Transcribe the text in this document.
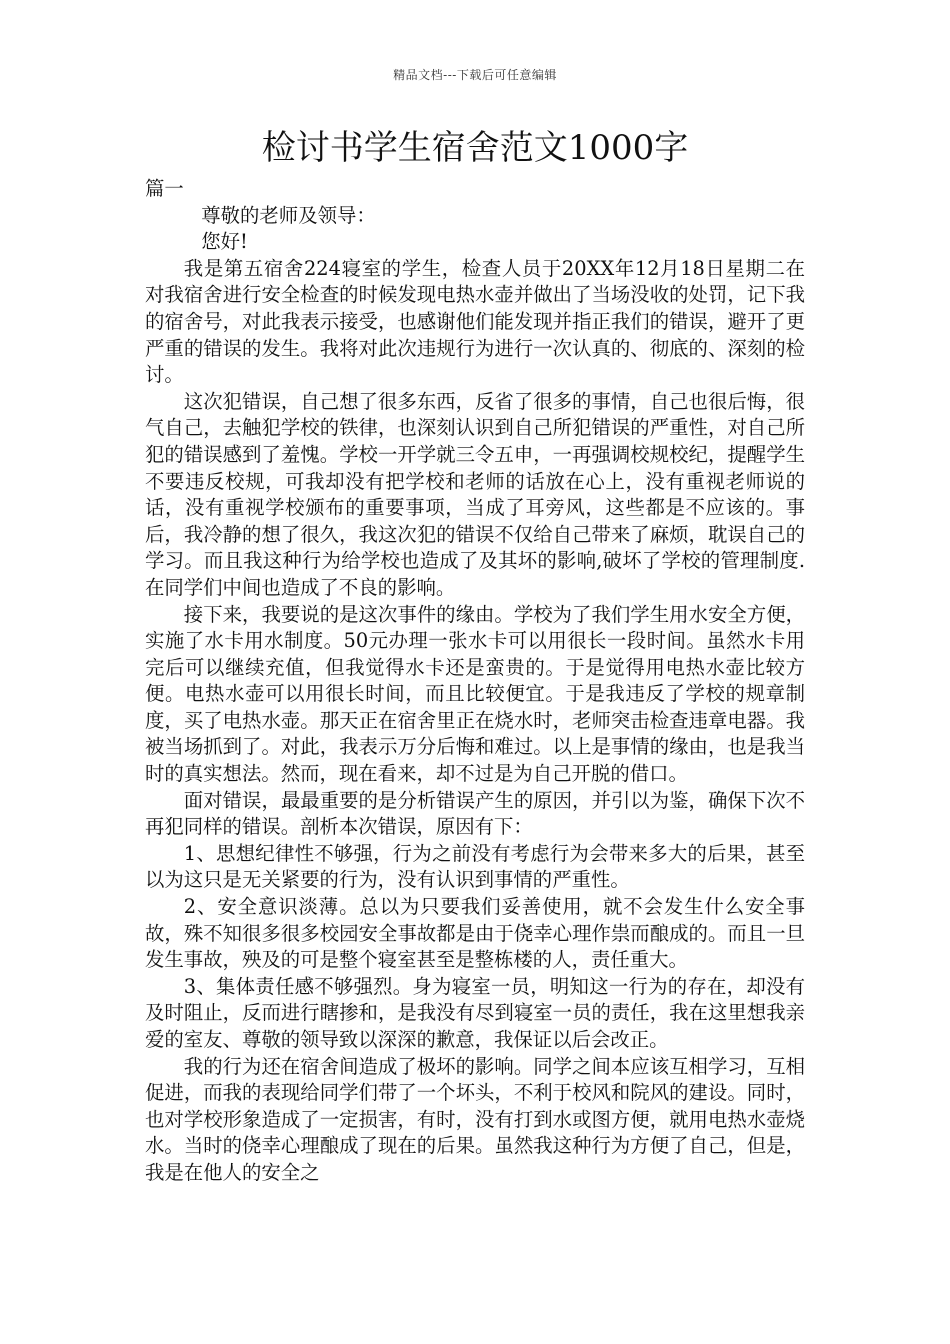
精品文档---下载后可任意编辑
检讨书学生宿舍范文1000字

篇一

尊敬的老师及领导：

您好!

我是第五宿舍224寝室的学生，检查人员于20XX年12月18日星期二在对我宿舍进行安全检查的时候发现电热水壶并做出了当场没收的处罚，记下我的宿舍号，对此我表示接受，也感谢他们能发现并指正我们的错误，避开了更严重的错误的发生。我将对此次违规行为进行一次认真的、彻底的、深刻的检讨。

这次犯错误，自己想了很多东西，反省了很多的事情，自己也很后悔，很气自己，去触犯学校的铁律，也深刻认识到自己所犯错误的严重性，对自己所犯的错误感到了羞愧。学校一开学就三令五申，一再强调校规校纪，提醒学生不要违反校规，可我却没有把学校和老师的话放在心上，没有重视老师说的话，没有重视学校颁布的重要事项，当成了耳旁风，这些都是不应该的。事后，我冷静的想了很久，我这次犯的错误不仅给自己带来了麻烦，耽误自己的学习。而且我这种行为给学校也造成了及其坏的影响,破坏了学校的管理制度.在同学们中间也造成了不良的影响。

接下来，我要说的是这次事件的缘由。学校为了我们学生用水安全方便，实施了水卡用水制度。50元办理一张水卡可以用很长一段时间。虽然水卡用完后可以继续充值，但我觉得水卡还是蛮贵的。于是觉得用电热水壶比较方便。电热水壶可以用很长时间，而且比较便宜。于是我违反了学校的规章制度，买了电热水壶。那天正在宿舍里正在烧水时，老师突击检查违章电器。我被当场抓到了。对此，我表示万分后悔和难过。以上是事情的缘由，也是我当时的真实想法。然而，现在看来，却不过是为自己开脱的借口。

面对错误，最最重要的是分析错误产生的原因，并引以为鉴，确保下次不再犯同样的错误。剖析本次错误，原因有下：

1、思想纪律性不够强，行为之前没有考虑行为会带来多大的后果，甚至以为这只是无关紧要的行为，没有认识到事情的严重性。

2、安全意识淡薄。总以为只要我们妥善使用，就不会发生什么安全事故，殊不知很多很多校园安全事故都是由于侥幸心理作祟而酿成的。而且一旦发生事故，殃及的可是整个寝室甚至是整栋楼的人，责任重大。

3、集体责任感不够强烈。身为寝室一员，明知这一行为的存在，却没有及时阻止，反而进行瞎掺和，是我没有尽到寝室一员的责任，我在这里想我亲爱的室友、尊敬的领导致以深深的歉意，我保证以后会改正。

我的行为还在宿舍间造成了极坏的影响。同学之间本应该互相学习，互相促进，而我的表现给同学们带了一个坏头，不利于校风和院风的建设。同时，也对学校形象造成了一定损害，有时，没有打到水或图方便，就用电热水壶烧水。当时的侥幸心理酿成了现在的后果。虽然我这种行为方便了自己，但是，我是在他人的安全之
